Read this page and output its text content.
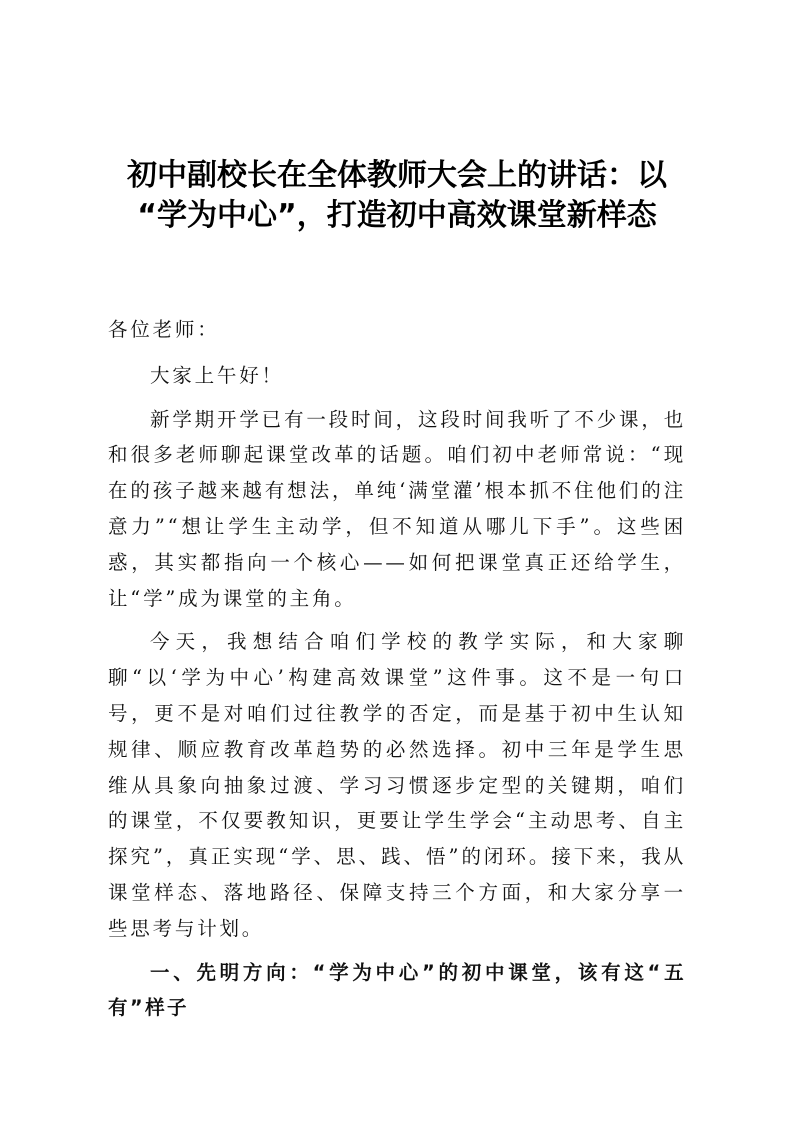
初中副校长在全体教师大会上的讲话：以
“学为中心”，打造初中高效课堂新样态

各位老师：

大家上午好！

新学期开学已有一段时间，这段时间我听了不少课，也和很多老师聊起课堂改革的话题。咱们初中老师常说：“现在的孩子越来越有想法，单纯‘满堂灌’根本抓不住他们的注意力”“想让学生主动学，但不知道从哪儿下手”。这些困惑，其实都指向一个核心——如何把课堂真正还给学生，让“学”成为课堂的主角。

今天，我想结合咱们学校的教学实际，和大家聊聊“以‘学为中心’构建高效课堂”这件事。这不是一句口号，更不是对咱们过往教学的否定，而是基于初中生认知规律、顺应教育改革趋势的必然选择。初中三年是学生思维从具象向抽象过渡、学习习惯逐步定型的关键期，咱们的课堂，不仅要教知识，更要让学生学会“主动思考、自主探究”，真正实现“学、思、践、悟”的闭环。接下来，我从课堂样态、落地路径、保障支持三个方面，和大家分享一些思考与计划。

一、先明方向：“学为中心”的初中课堂，该有这“五有”样子
